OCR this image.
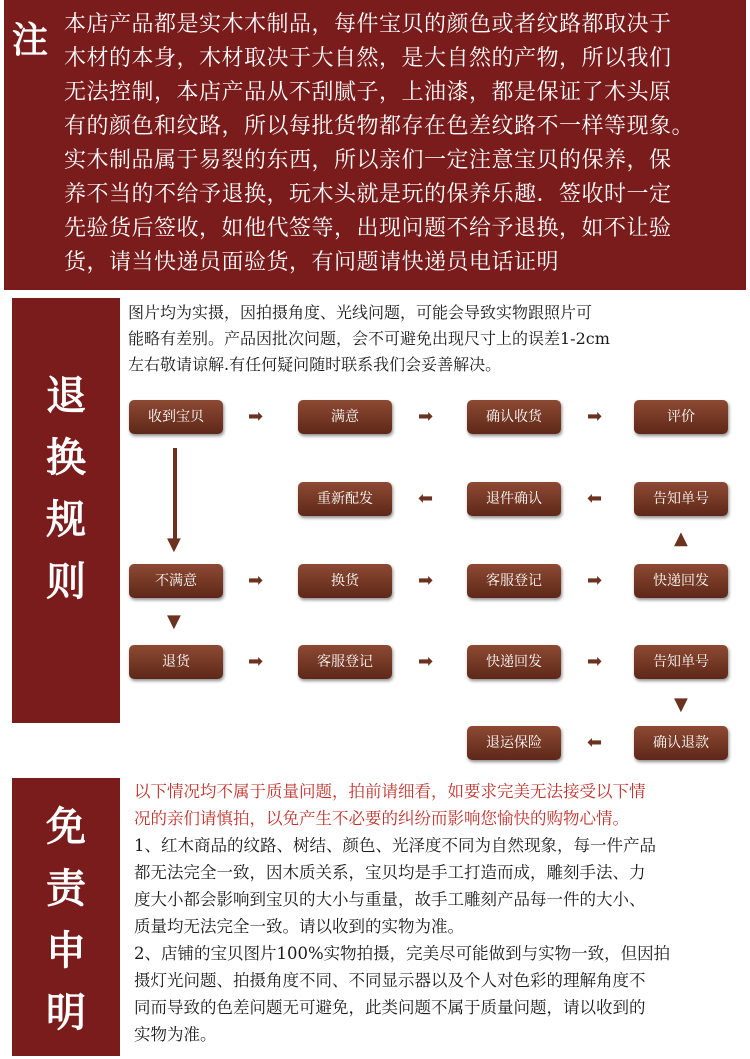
注 本店产品都是实木木制品，每件宝贝的颜色或者纹路都取决于
木材的本身，木材取决于大自然，是大自然的产物，所以我们
无法控制，本店产品从不刮腻子，上油漆，都是保证了木头原
有的颜色和纹路，所以每批货物都存在色差纹路不一样等现象。
实木制品属于易裂的东西，所以亲们一定注意宝贝的保养，保
养不当的不给予退换，玩木头就是玩的保养乐趣．签收时一定
先验货后签收，如他代签等，出现问题不给予退换，如不让验
货，请当快递员面验货，有问题请快递员电话证明
退
换
规
则
图片均为实摄，因拍摄角度、光线问题，可能会导致实物跟照片可
能略有差别。产品因批次问题，会不可避免出现尺寸上的误差1-2cm
左右敬请谅解.有任何疑问随时联系我们会妥善解决。
收到宝贝	➡	满意	➡	确认收货	➡	评价
▼
重新配发	⬅	退件确认	⬅	告知单号
▲
不满意	➡	换货	➡	客服登记	➡	快递回发
▼
退货	➡	客服登记	➡	快递回发	➡	告知单号
▼
退运保险	⬅	确认退款
免
责
申
明
以下情况均不属于质量问题，拍前请细看，如要求完美无法接受以下情
况的亲们请慎拍，以免产生不必要的纠纷而影响您愉快的购物心情。
1、红木商品的纹路、树结、颜色、光泽度不同为自然现象，每一件产品
都无法完全一致，因木质关系，宝贝均是手工打造而成，雕刻手法、力
度大小都会影响到宝贝的大小与重量，故手工雕刻产品每一件的大小、
质量均无法完全一致。请以收到的实物为准。
2、店铺的宝贝图片100%实物拍摄，完美尽可能做到与实物一致，但因拍
摄灯光问题、拍摄角度不同、不同显示器以及个人对色彩的理解角度不
同而导致的色差问题无可避免，此类问题不属于质量问题，请以收到的
实物为准。
